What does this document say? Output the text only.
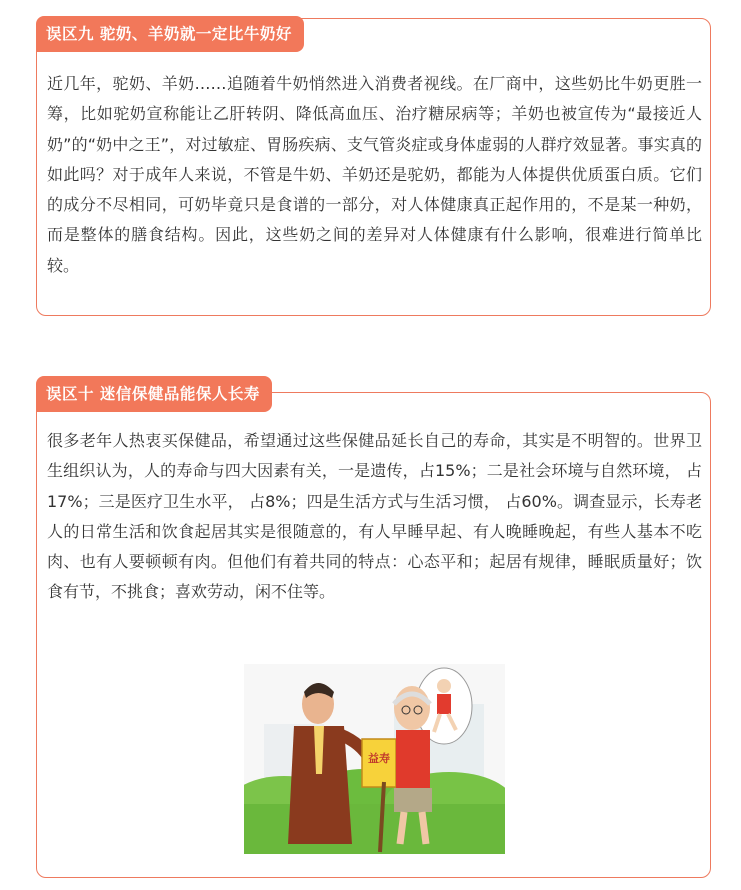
误区九 驼奶、羊奶就一定比牛奶好

近几年，驼奶、羊奶……追随着牛奶悄然进入消费者视线。在厂商中，这些奶比牛奶更胜一筹，比如驼奶宣称能让乙肝转阴、降低高血压、治疗糖尿病等；羊奶也被宣传为“最接近人奶”的“奶中之王”，对过敏症、胃肠疾病、支气管炎症或身体虚弱的人群疗效显著。事实真的如此吗？对于成年人来说，不管是牛奶、羊奶还是驼奶，都能为人体提供优质蛋白质。它们的成分不尽相同，可奶毕竟只是食谱的一部分，对人体健康真正起作用的，不是某一种奶，而是整体的膳食结构。因此，这些奶之间的差异对人体健康有什么影响，很难进行简单比较。

误区十 迷信保健品能保人长寿

很多老年人热衷买保健品，希望通过这些保健品延长自己的寿命，其实是不明智的。世界卫生组织认为，人的寿命与四大因素有关，一是遗传，占15%；二是社会环境与自然环境， 占17%；三是医疗卫生水平， 占8%；四是生活方式与生活习惯， 占60%。调查显示，长寿老人的日常生活和饮食起居其实是很随意的，有人早睡早起、有人晚睡晚起，有些人基本不吃肉、也有人要顿顿有肉。但他们有着共同的特点：心态平和；起居有规律，睡眠质量好；饮食有节，不挑食；喜欢劳动，闲不住等。

益寿
